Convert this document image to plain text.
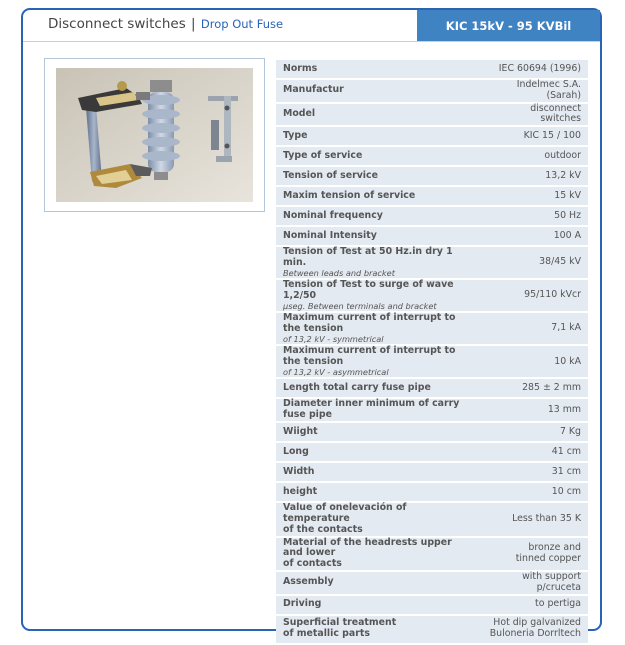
Disconnect switches | Drop Out Fuse	KIC 15kV - 95 KVBil
Norms	IEC 60694 (1996)
Manufactur	Indelmec S.A. (Sarah)
Model	disconnect switches
Type	KIC 15 / 100
Type of service	outdoor
Tension of service	13,2 kV
Maxim tension of service	15 kV
Nominal frequency	50 Hz
Nominal Intensity	100 A
Tension of Test at 50 Hz.in dry 1 min.
Between leads and bracket	38/45 kV
Tension of Test to surge of wave 1,2/50
µseg. Between terminals and bracket	95/110 kVcr
Maximum current of interrupt to the tension
of 13,2 kV - symmetrical	7,1 kA
Maximum current of interrupt to the tension
of 13,2 kV - asymmetrical	10 kA
Length total carry fuse pipe	285 ± 2 mm
Diameter inner minimum of carry fuse pipe	13 mm
Wiight	7 Kg
Long	41 cm
Width	31 cm
height	10 cm

Value of onelevación of temperature
of the contacts	Less than 35 K

Material of the headrests upper and lower
of contacts	bronze and
tinned copper

Assembly	with support p/cruceta
Driving	to pertiga

Superficial treatment
of metallic parts	Hot dip galvanized
Buloneria Dorrltech
